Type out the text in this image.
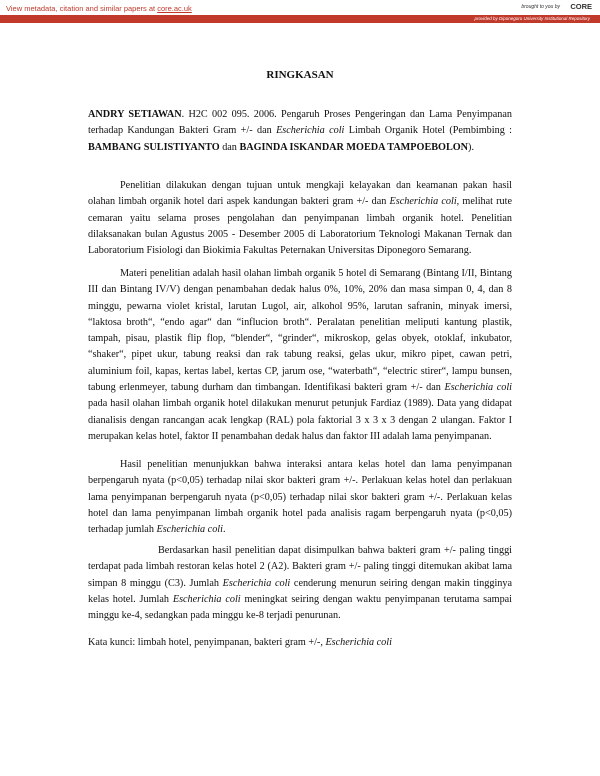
View metadata, citation and similar papers at core.ac.uk	brought to you by CORE
provided by Diponegoro University Institutional Repository
RINGKASAN

ANDRY SETIAWAN. H2C 002 095. 2006. Pengaruh Proses Pengeringan dan Lama Penyimpanan terhadap Kandungan Bakteri Gram +/- dan Escherichia coli Limbah Organik Hotel (Pembimbing : BAMBANG SULISTIYANTO dan BAGINDA ISKANDAR MOEDA TAMPOEBOLON).

Penelitian dilakukan dengan tujuan untuk mengkaji kelayakan dan keamanan pakan hasil olahan limbah organik hotel dari aspek kandungan bakteri gram +/- dan Escherichia coli, melihat rute cemaran yaitu selama proses pengolahan dan penyimpanan limbah organik hotel. Penelitian dilaksanakan bulan Agustus 2005 - Desember 2005 di Laboratorium Teknologi Makanan Ternak dan Laboratorium Fisiologi dan Biokimia Fakultas Peternakan Universitas Diponegoro Semarang.

Materi penelitian adalah hasil olahan limbah organik 5 hotel di Semarang (Bintang I/II, Bintang III dan Bintang IV/V) dengan penambahan dedak halus 0%, 10%, 20% dan masa simpan 0, 4, dan 8 minggu, pewarna violet kristal, larutan Lugol, air, alkohol 95%, larutan safranin, minyak imersi, “laktosa broth“, “endo agar“ dan “influcion broth“. Peralatan penelitian meliputi kantung plastik, tampah, pisau, plastik flip flop, “blender“, “grinder“, mikroskop, gelas obyek, otoklaf, inkubator, “shaker“, pipet ukur, tabung reaksi dan rak tabung reaksi, gelas ukur, mikro pipet, cawan petri, aluminium foil, kapas, kertas label, kertas CP, jarum ose, “waterbath“, “electric stirer“, lampu bunsen, tabung erlenmeyer, tabung durham dan timbangan. Identifikasi bakteri gram +/- dan Escherichia coli pada hasil olahan limbah organik hotel dilakukan menurut petunjuk Fardiaz (1989). Data yang didapat dianalisis dengan rancangan acak lengkap (RAL) pola faktorial 3 x 3 x 3 dengan 2 ulangan. Faktor I merupakan kelas hotel, faktor II penambahan dedak halus dan faktor III adalah lama penyimpanan.

Hasil penelitian menunjukkan bahwa interaksi antara kelas hotel dan lama penyimpanan berpengaruh nyata (p<0,05) terhadap nilai skor bakteri gram +/-. Perlakuan kelas hotel dan perlakuan lama penyimpanan berpengaruh nyata (p<0,05) terhadap nilai skor bakteri gram +/-. Perlakuan kelas hotel dan lama penyimpanan limbah organik hotel pada analisis ragam berpengaruh nyata (p<0,05) terhadap jumlah Escherichia coli.

Berdasarkan hasil penelitian dapat disimpulkan bahwa bakteri gram +/- paling tinggi terdapat pada limbah restoran kelas hotel 2 (A2). Bakteri gram +/- paling tinggi ditemukan akibat lama simpan 8 minggu (C3). Jumlah Escherichia coli cenderung menurun seiring dengan makin tingginya kelas hotel. Jumlah Escherichia coli meningkat seiring dengan waktu penyimpanan terutama sampai minggu ke-4, sedangkan pada minggu ke-8 terjadi penurunan.

Kata kunci: limbah hotel, penyimpanan, bakteri gram +/-, Escherichia coli
